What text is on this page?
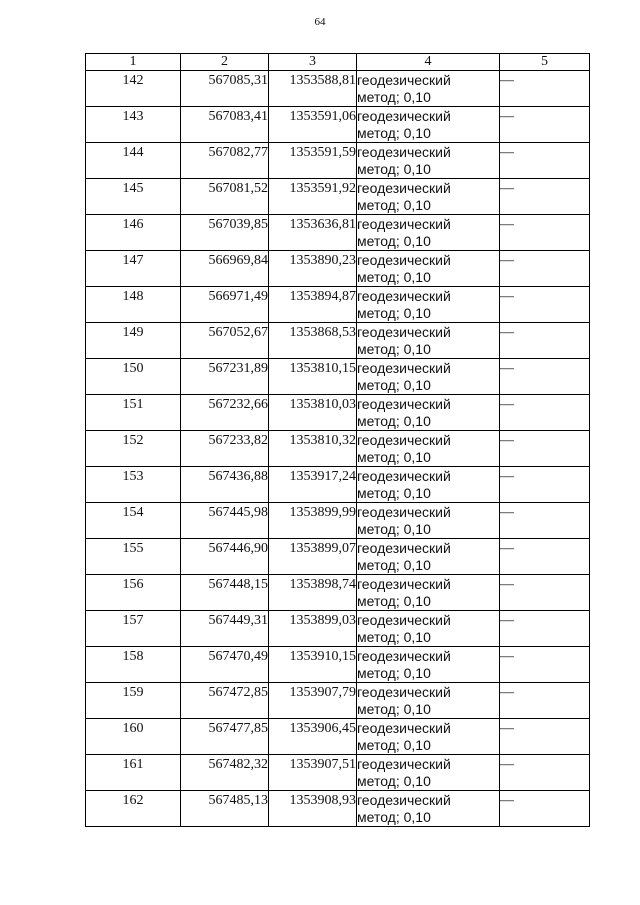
64
1	2	3	4	5
142	567085,31	1353588,81	геодезический
метод; 0,10	—
143	567083,41	1353591,06	геодезический
метод; 0,10	—
144	567082,77	1353591,59	геодезический
метод; 0,10	—
145	567081,52	1353591,92	геодезический
метод; 0,10	—
146	567039,85	1353636,81	геодезический
метод; 0,10	—
147	566969,84	1353890,23	геодезический
метод; 0,10	—
148	566971,49	1353894,87	геодезический
метод; 0,10	—
149	567052,67	1353868,53	геодезический
метод; 0,10	—
150	567231,89	1353810,15	геодезический
метод; 0,10	—
151	567232,66	1353810,03	геодезический
метод; 0,10	—
152	567233,82	1353810,32	геодезический
метод; 0,10	—
153	567436,88	1353917,24	геодезический
метод; 0,10	—
154	567445,98	1353899,99	геодезический
метод; 0,10	—
155	567446,90	1353899,07	геодезический
метод; 0,10	—
156	567448,15	1353898,74	геодезический
метод; 0,10	—
157	567449,31	1353899,03	геодезический
метод; 0,10	—
158	567470,49	1353910,15	геодезический
метод; 0,10	—
159	567472,85	1353907,79	геодезический
метод; 0,10	—
160	567477,85	1353906,45	геодезический
метод; 0,10	—
161	567482,32	1353907,51	геодезический
метод; 0,10	—
162	567485,13	1353908,93	геодезический
метод; 0,10	—
